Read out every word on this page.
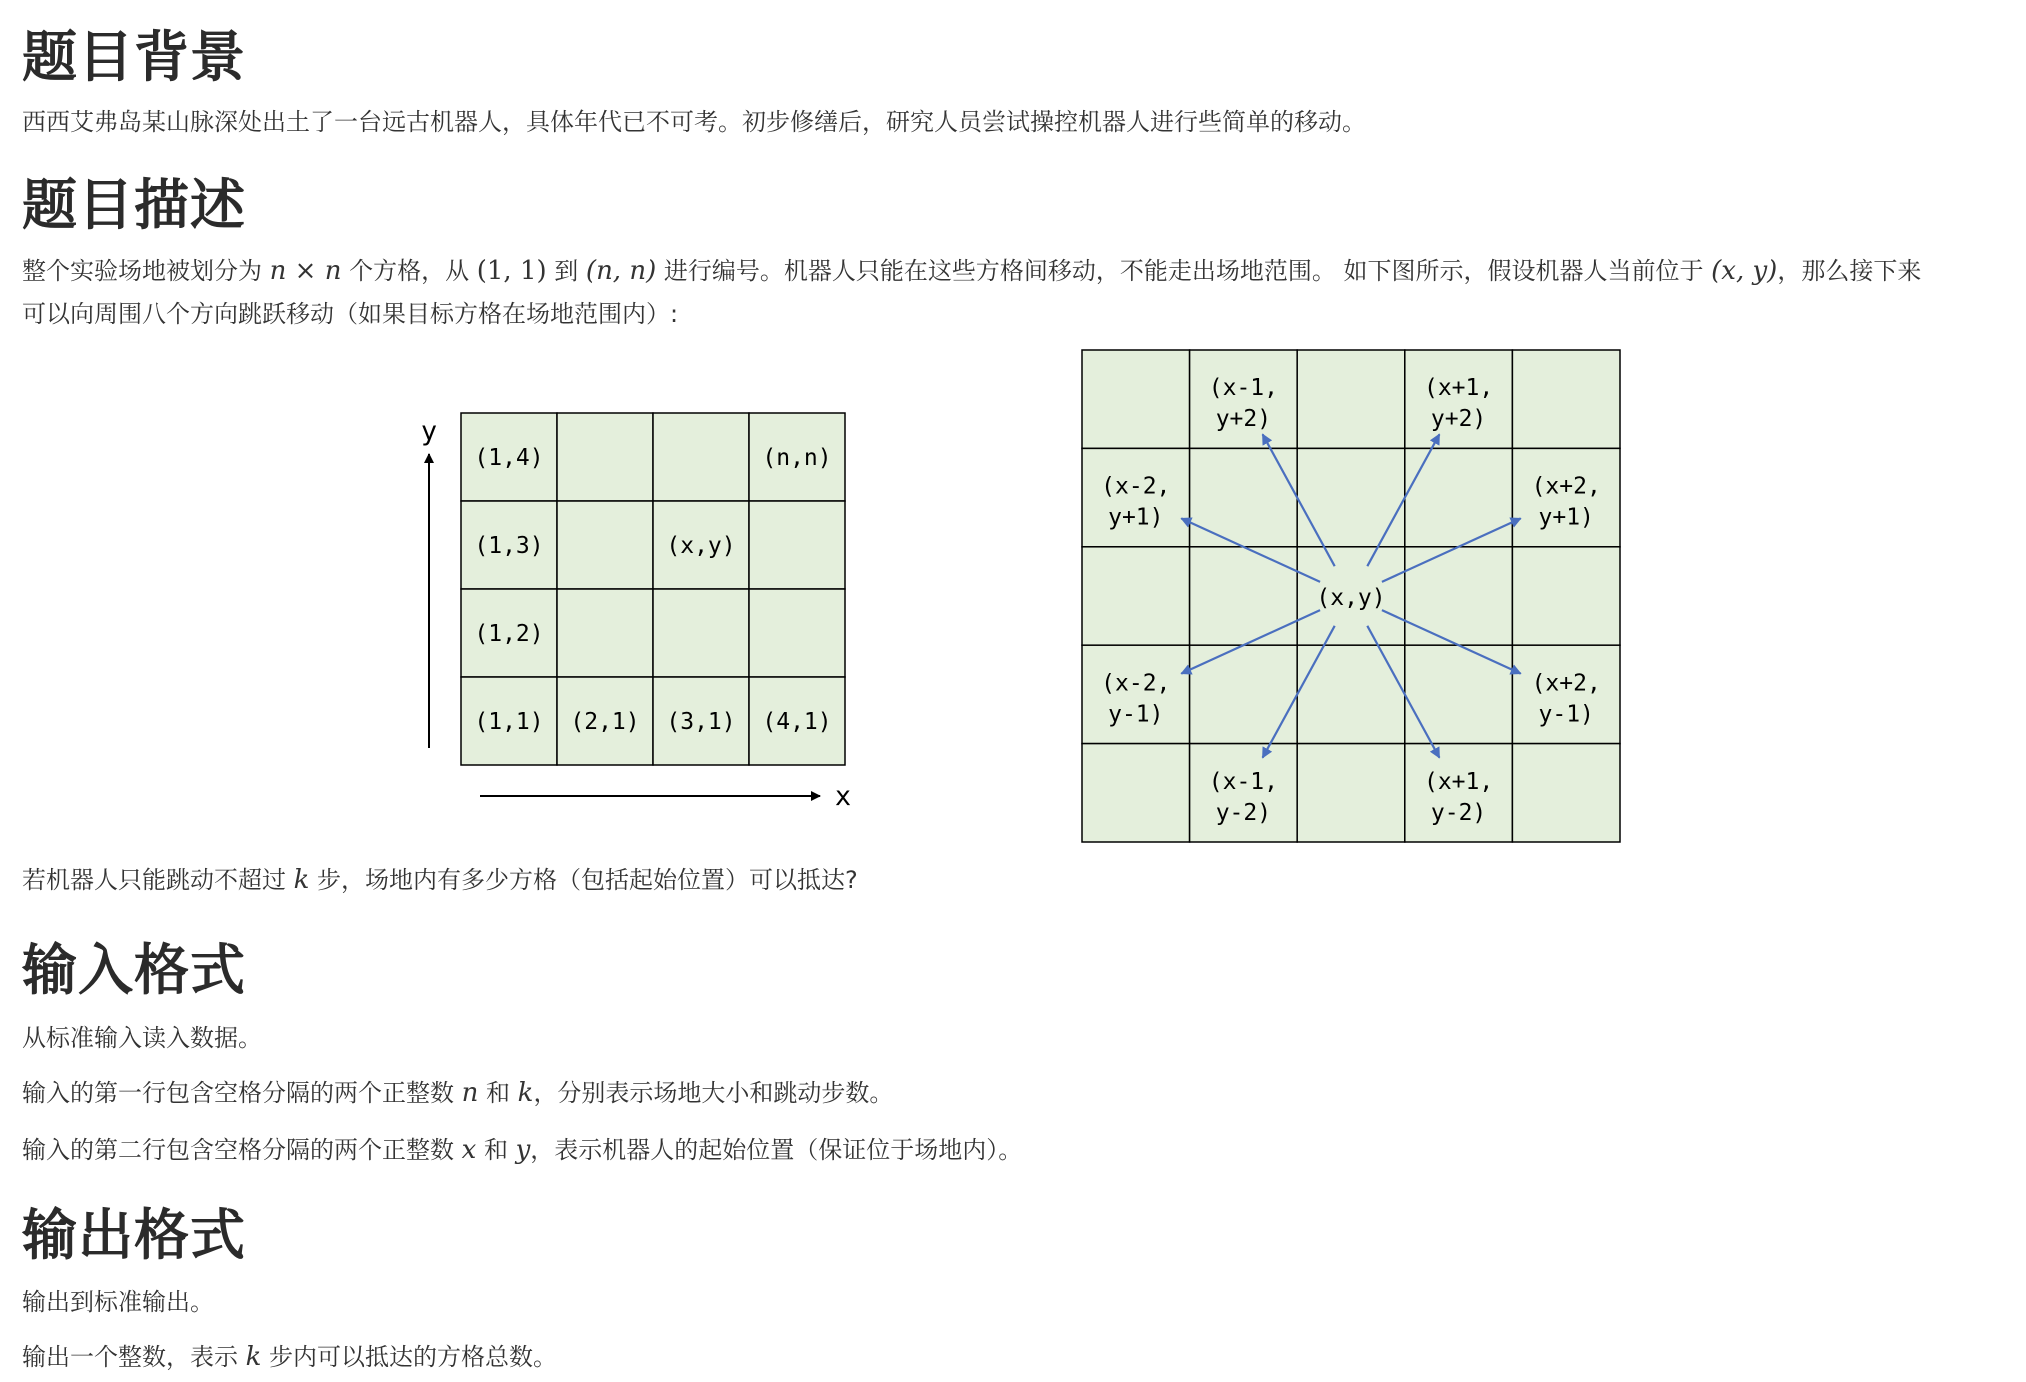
题目背景

西西艾弗岛某山脉深处出土了一台远古机器人，具体年代已不可考。初步修缮后，研究人员尝试操控机器人进行些简单的移动。

题目描述

整个实验场地被划分为 n × n 个方格，从 (1, 1) 到 (n, n) 进行编号。机器人只能在这些方格间移动，不能走出场地范围。 如下图所示，假设机器人当前位于 (x, y)，那么接下来

可以向周围八个方向跳跃移动（如果目标方格在场地范围内）:

(1,4)	(n,n)
(1,3)	(x,y)
(1,2)
(1,1) (2,1) (3,1) (4,1)
y
x
(x-1,
y+2)
(x+1,
y+2)
(x-2,
y+1)
(x+2,
y+1)
(x-2,
y-1)
(x+2,
y-1)
(x-1,
y-2)
(x+1,
y-2)
(x,y)

若机器人只能跳动不超过 k 步，场地内有多少方格（包括起始位置）可以抵达?

输入格式

从标准输入读入数据。

输入的第一行包含空格分隔的两个正整数 n 和 k，分别表示场地大小和跳动步数。

输入的第二行包含空格分隔的两个正整数 x 和 y，表示机器人的起始位置（保证位于场地内）。

输出格式

输出到标准输出。

输出一个整数，表示 k 步内可以抵达的方格总数。
